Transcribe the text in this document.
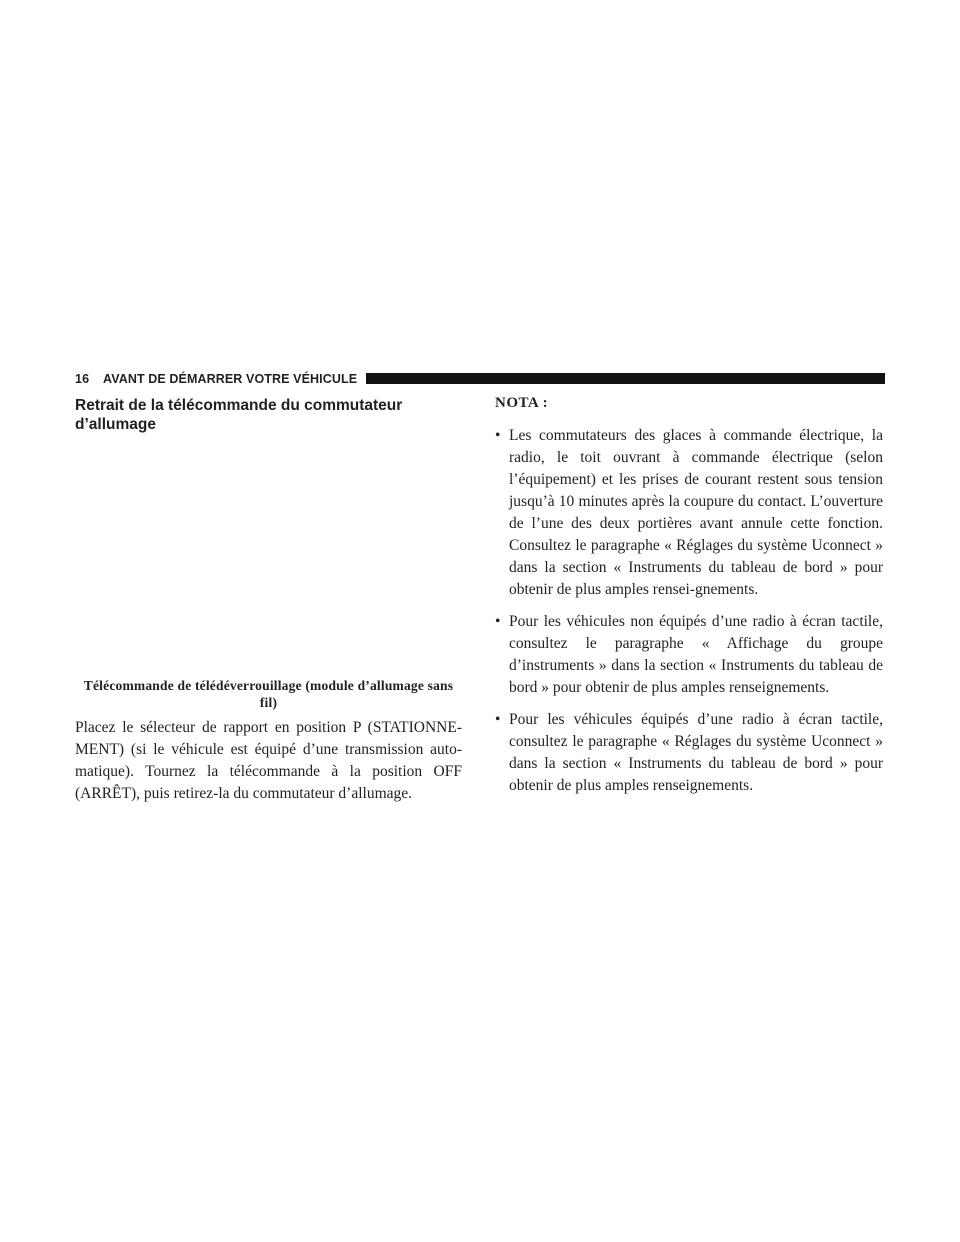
16 AVANT DE DÉMARRER VOTRE VÉHICULE
Retrait de la télécommande du commutateur d’allumage

Télécommande de télédéverrouillage (module d’allumage sans fil)

Placez le sélecteur de rapport en position P (STATIONNE-MENT) (si le véhicule est équipé d’une transmission auto-matique). Tournez la télécommande à la position OFF (ARRÊT), puis retirez-la du commutateur d’allumage.

NOTA :

• Les commutateurs des glaces à commande électrique, la radio, le toit ouvrant à commande électrique (selon l’équipement) et les prises de courant restent sous tension jusqu’à 10 minutes après la coupure du contact. L’ouverture de l’une des deux portières avant annule cette fonction. Consultez le paragraphe « Réglages du système Uconnect » dans la section « Instruments du tableau de bord » pour obtenir de plus amples rensei-gnements.
• Pour les véhicules non équipés d’une radio à écran tactile, consultez le paragraphe « Affichage du groupe d’instruments » dans la section « Instruments du tableau de bord » pour obtenir de plus amples renseignements.
• Pour les véhicules équipés d’une radio à écran tactile, consultez le paragraphe « Réglages du système Uconnect » dans la section « Instruments du tableau de bord » pour obtenir de plus amples renseignements.
